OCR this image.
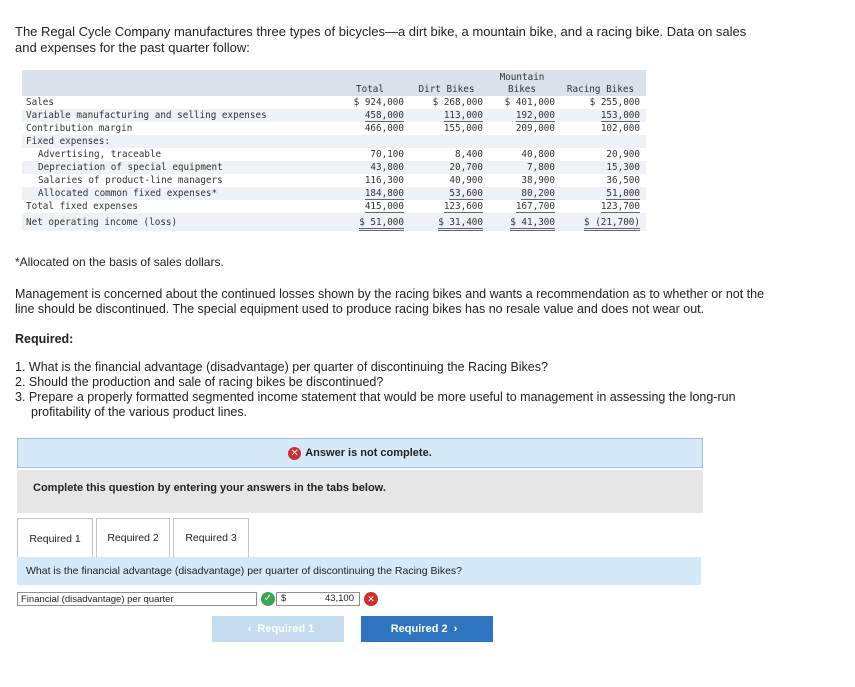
The Regal Cycle Company manufactures three types of bicycles—a dirt bike, a mountain bike, and a racing bike. Data on sales and expenses for the past quarter follow:
	Total	Dirt Bikes	Mountain Bikes	Racing Bikes
Sales	$ 924,000	$ 268,000	$ 401,000	$ 255,000
Variable manufacturing and selling expenses	458,000	113,000	192,000	153,000
Contribution margin	466,000	155,000	209,000	102,000
Fixed expenses:				
Advertising, traceable	70,100	8,400	40,800	20,900
Depreciation of special equipment	43,800	20,700	7,800	15,300
Salaries of product-line managers	116,300	40,900	38,900	36,500
Allocated common fixed expenses*	184,800	53,600	80,200	51,000
Total fixed expenses	415,000	123,600	167,700	123,700
Net operating income (loss)	$ 51,000	$ 31,400	$ 41,300	$ (21,700)
*Allocated on the basis of sales dollars.
Management is concerned about the continued losses shown by the racing bikes and wants a recommendation as to whether or not the line should be discontinued. The special equipment used to produce racing bikes has no resale value and does not wear out.
Required:
1. What is the financial advantage (disadvantage) per quarter of discontinuing the Racing Bikes?
2. Should the production and sale of racing bikes be discontinued?
3. Prepare a properly formatted segmented income statement that would be more useful to management in assessing the long-run profitability of the various product lines.
✕ Answer is not complete.
Complete this question by entering your answers in the tabs below.
Required 1	Required 2	Required 3
What is the financial advantage (disadvantage) per quarter of discontinuing the Racing Bikes?
Financial (disadvantage) per quarter	✓ $	43,100	✕
‹ Required 1	Required 2 ›
